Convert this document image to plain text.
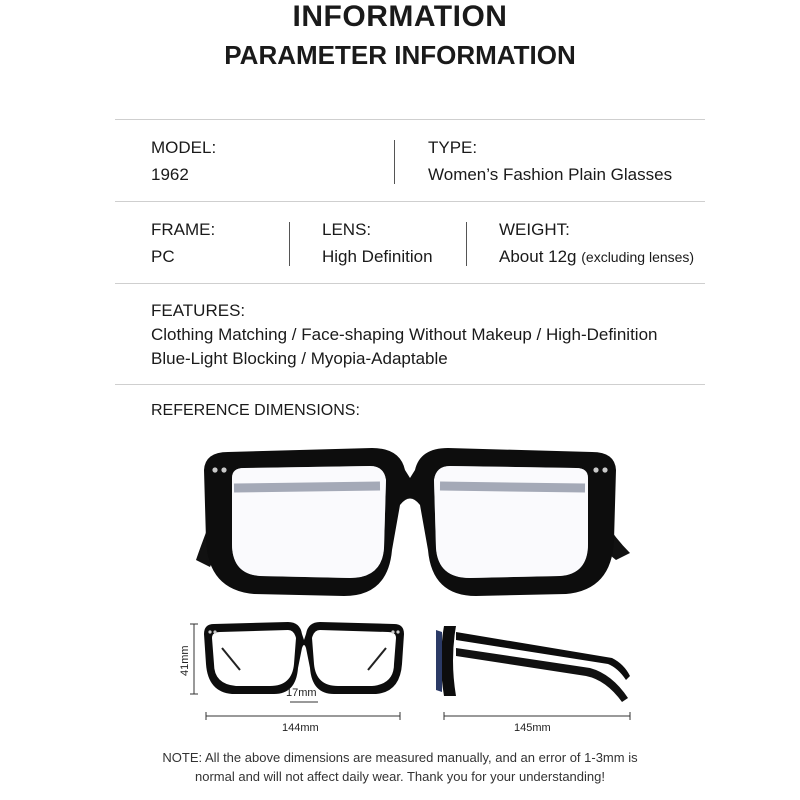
INFORMATION
PARAMETER INFORMATION
MODEL:
1962
TYPE:
Women’s Fashion Plain Glasses
FRAME:
PC
LENS:
High Definition
WEIGHT:
About 12g (excluding lenses)
FEATURES:
Clothing Matching / Face-shaping Without Makeup / High-Definition
Blue-Light Blocking / Myopia-Adaptable
REFERENCE DIMENSIONS:
41mm
17mm
144mm	145mm
NOTE: All the above dimensions are measured manually, and an error of 1-3mm is
normal and will not affect daily wear. Thank you for your understanding!
